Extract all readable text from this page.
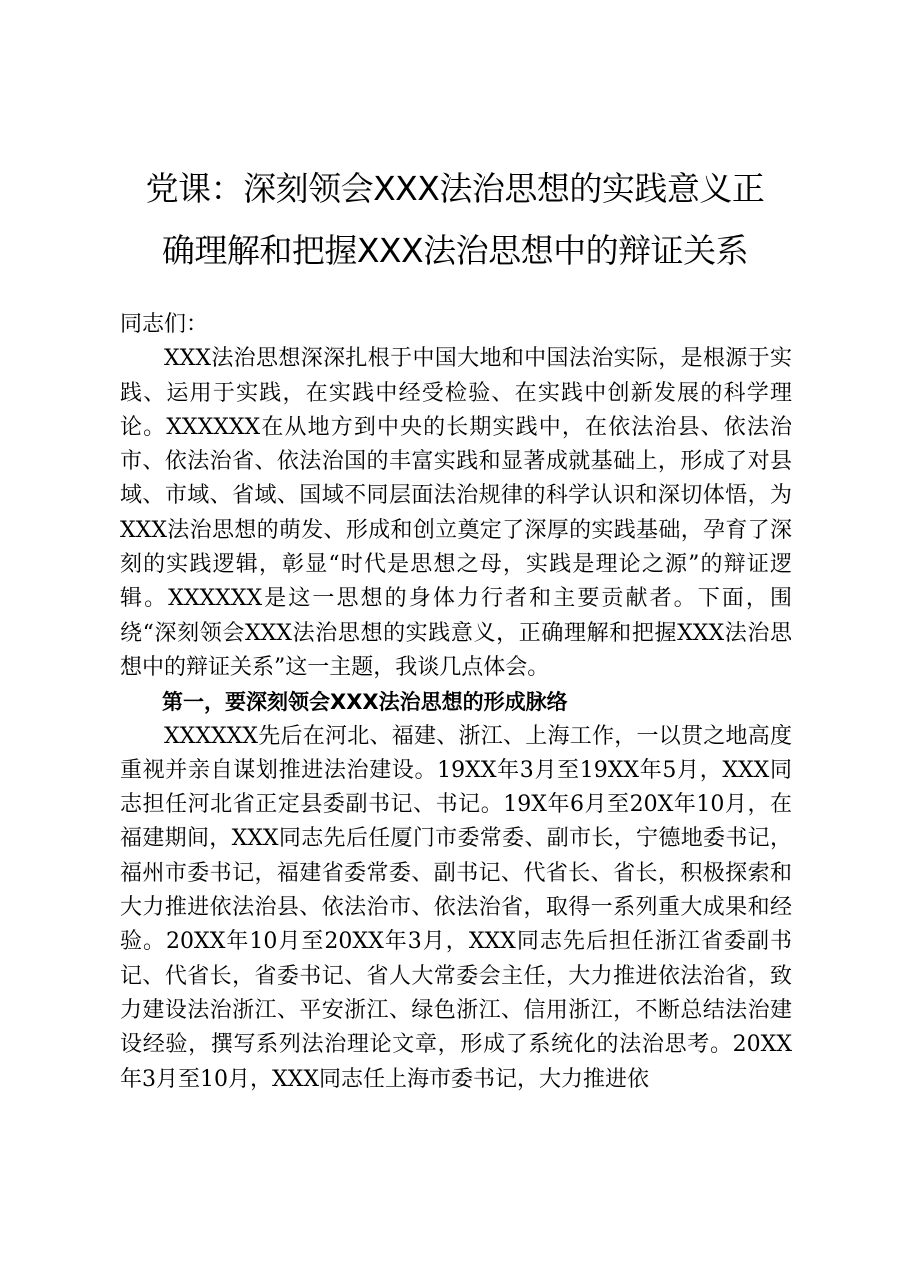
党课：深刻领会XXX法治思想的实践意义正
确理解和把握XXX法治思想中的辩证关系

同志们：

XXX法治思想深深扎根于中国大地和中国法治实际，是根源于实践、运用于实践，在实践中经受检验、在实践中创新发展的科学理论。XXXXXX在从地方到中央的长期实践中，在依法治县、依法治市、依法治省、依法治国的丰富实践和显著成就基础上，形成了对县域、市域、省域、国域不同层面法治规律的科学认识和深切体悟，为XXX法治思想的萌发、形成和创立奠定了深厚的实践基础，孕育了深刻的实践逻辑，彰显“时代是思想之母，实践是理论之源”的辩证逻辑。XXXXXX是这一思想的身体力行者和主要贡献者。下面，围绕“深刻领会XXX法治思想的实践意义，正确理解和把握XXX法治思想中的辩证关系”这一主题，我谈几点体会。

第一，要深刻领会XXX法治思想的形成脉络

XXXXXX先后在河北、福建、浙江、上海工作，一以贯之地高度重视并亲自谋划推进法治建设。19XX年3月至19XX年5月，XXX同志担任河北省正定县委副书记、书记。19X年6月至20X年10月，在福建期间，XXX同志先后任厦门市委常委、副市长，宁德地委书记，福州市委书记，福建省委常委、副书记、代省长、省长，积极探索和大力推进依法治县、依法治市、依法治省，取得一系列重大成果和经验。20XX年10月至20XX年3月，XXX同志先后担任浙江省委副书记、代省长，省委书记、省人大常委会主任，大力推进依法治省，致力建设法治浙江、平安浙江、绿色浙江、信用浙江，不断总结法治建设经验，撰写系列法治理论文章，形成了系统化的法治思考。20XX年3月至10月，XXX同志任上海市委书记，大力推进依
